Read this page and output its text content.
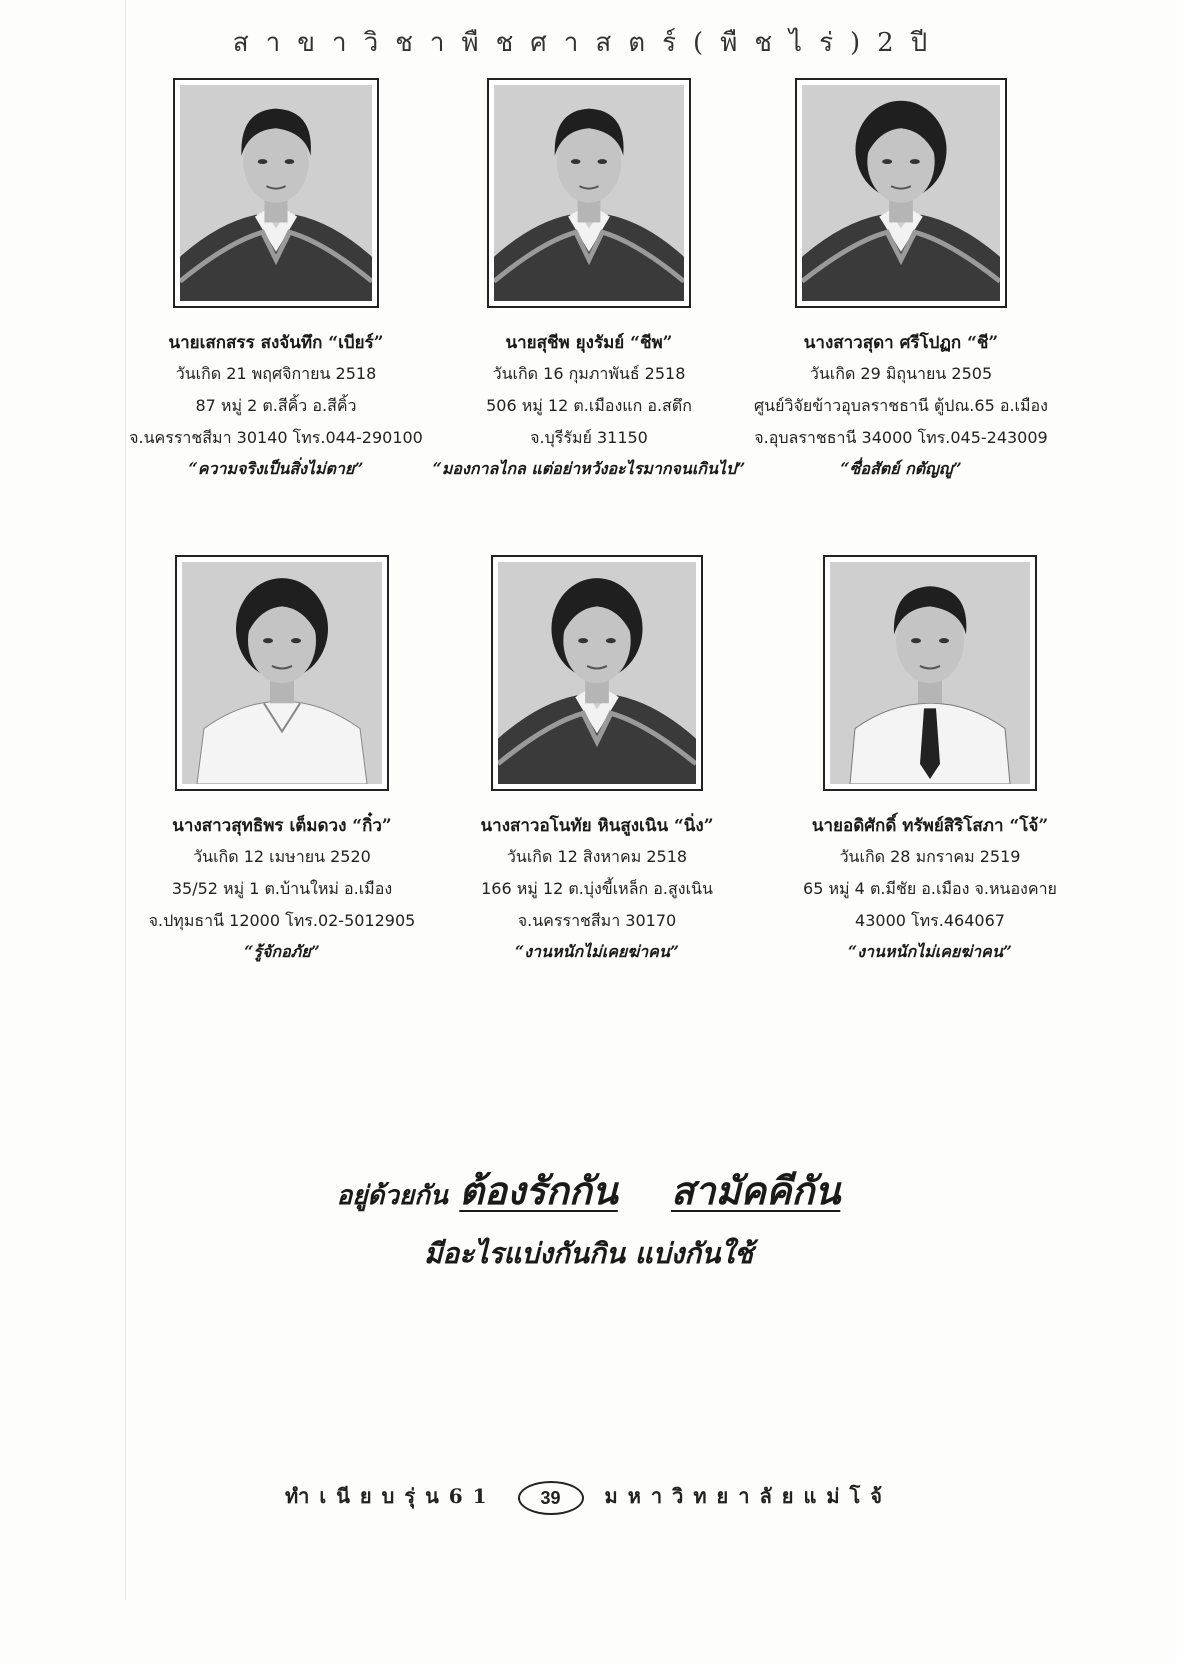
สาขาวิชาพืชศาสตร์(พืชไร่)2ปี
นายเสกสรร สงจันทึก “เบียร์”
วันเกิด 21 พฤศจิกายน 2518
87 หมู่ 2 ต.สีคิ้ว อ.สีคิ้ว
จ.นครราชสีมา 30140 โทร.044-290100
“ความจริงเป็นสิ่งไม่ตาย”
นายสุชีพ ยุงรัมย์ “ชีพ”
วันเกิด 16 กุมภาพันธ์ 2518
506 หมู่ 12 ต.เมืองแก อ.สตึก
จ.บุรีรัมย์ 31150
“มองกาลไกล แต่อย่าหวังอะไรมากจนเกินไป”
นางสาวสุดา ศรีโปฏก “ชี”
วันเกิด 29 มิถุนายน 2505
ศูนย์วิจัยข้าวอุบลราชธานี ตู้ปณ.65 อ.เมือง
จ.อุบลราชธานี 34000 โทร.045-243009
“ซื่อสัตย์ กตัญญู”
นางสาวสุทธิพร เต็มดวง “กิ๋ว”
วันเกิด 12 เมษายน 2520
35/52 หมู่ 1 ต.บ้านใหม่ อ.เมือง
จ.ปทุมธานี 12000 โทร.02-5012905
“รู้จักอภัย”
นางสาวอโนทัย หินสูงเนิน “นิ่ง”
วันเกิด 12 สิงหาคม 2518
166 หมู่ 12 ต.บุ่งขี้เหล็ก อ.สูงเนิน
จ.นครราชสีมา 30170
“งานหนักไม่เคยฆ่าคน”
นายอดิศักดิ์ ทรัพย์สิริโสภา “โจ้”
วันเกิด 28 มกราคม 2519
65 หมู่ 4 ต.มีชัย อ.เมือง จ.หนองคาย
43000 โทร.464067
“งานหนักไม่เคยฆ่าคน”
อยู่ด้วยกัน ต้องรักกัน สามัคคีกัน
มีอะไรแบ่งกันกิน แบ่งกันใช้
ทำเนียบรุ่น61 39 มหาวิทยาลัยแม่โจ้
